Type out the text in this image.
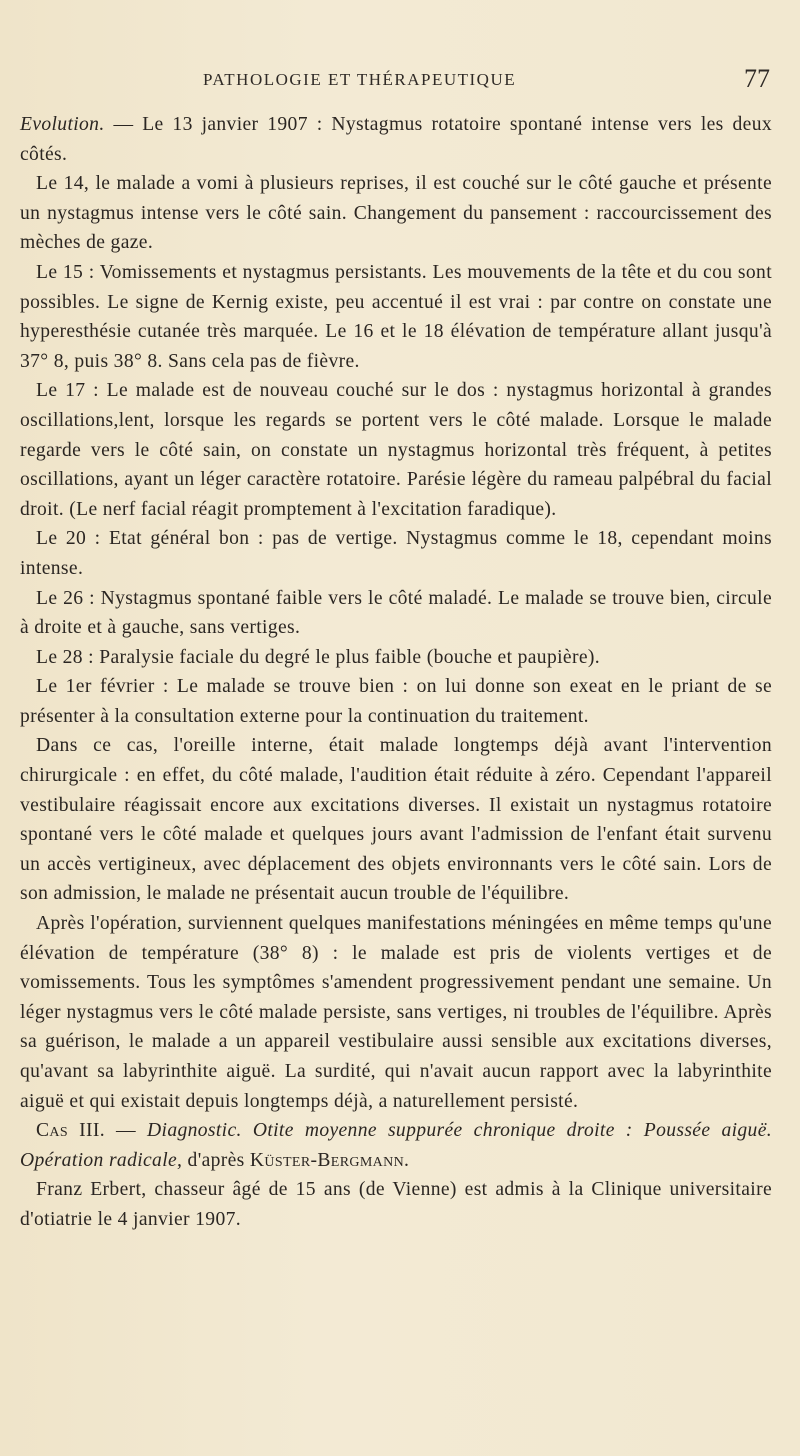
PATHOLOGIE ET THÉRAPEUTIQUE	77

Evolution. — Le 13 janvier 1907 : Nystagmus rotatoire spontané intense vers les deux côtés.

Le 14, le malade a vomi à plusieurs reprises, il est couché sur le côté gauche et présente un nystagmus intense vers le côté sain. Changement du pansement : raccourcissement des mèches de gaze.

Le 15 : Vomissements et nystagmus persistants. Les mouvements de la tête et du cou sont possibles. Le signe de Kernig existe, peu accentué il est vrai : par contre on constate une hyperesthésie cutanée très marquée. Le 16 et le 18 élévation de température allant jusqu'à 37° 8, puis 38° 8. Sans cela pas de fièvre.

Le 17 : Le malade est de nouveau couché sur le dos : nystagmus horizontal à grandes oscillations,lent, lorsque les regards se portent vers le côté malade. Lorsque le malade regarde vers le côté sain, on constate un nystagmus horizontal très fréquent, à petites oscillations, ayant un léger caractère rotatoire. Parésie légère du rameau palpébral du facial droit. (Le nerf facial réagit promptement à l'excitation faradique).

Le 20 : Etat général bon : pas de vertige. Nystagmus comme le 18, cependant moins intense.

Le 26 : Nystagmus spontané faible vers le côté maladé. Le malade se trouve bien, circule à droite et à gauche, sans vertiges.

Le 28 : Paralysie faciale du degré le plus faible (bouche et paupière).

Le 1er février : Le malade se trouve bien : on lui donne son exeat en le priant de se présenter à la consultation externe pour la continuation du traitement.

Dans ce cas, l'oreille interne, était malade longtemps déjà avant l'intervention chirurgicale : en effet, du côté malade, l'audition était réduite à zéro. Cependant l'appareil vestibulaire réagissait encore aux excitations diverses. Il existait un nystagmus rotatoire spontané vers le côté malade et quelques jours avant l'admission de l'enfant était survenu un accès vertigineux, avec déplacement des objets environnants vers le côté sain. Lors de son admission, le malade ne présentait aucun trouble de l'équilibre.

Après l'opération, surviennent quelques manifestations méningées en même temps qu'une élévation de température (38° 8) : le malade est pris de violents vertiges et de vomissements. Tous les symptômes s'amendent progressivement pendant une semaine. Un léger nystagmus vers le côté malade persiste, sans vertiges, ni troubles de l'équilibre. Après sa guérison, le malade a un appareil vestibulaire aussi sensible aux excitations diverses, qu'avant sa labyrinthite aiguë. La surdité, qui n'avait aucun rapport avec la labyrinthite aiguë et qui existait depuis longtemps déjà, a naturellement persisté.

Cas III. — Diagnostic. Otite moyenne suppurée chronique droite : Poussée aiguë. Opération radicale, d'après Küster-Bergmann.

Franz Erbert, chasseur âgé de 15 ans (de Vienne) est admis à la Clinique universitaire d'otiatrie le 4 janvier 1907.
